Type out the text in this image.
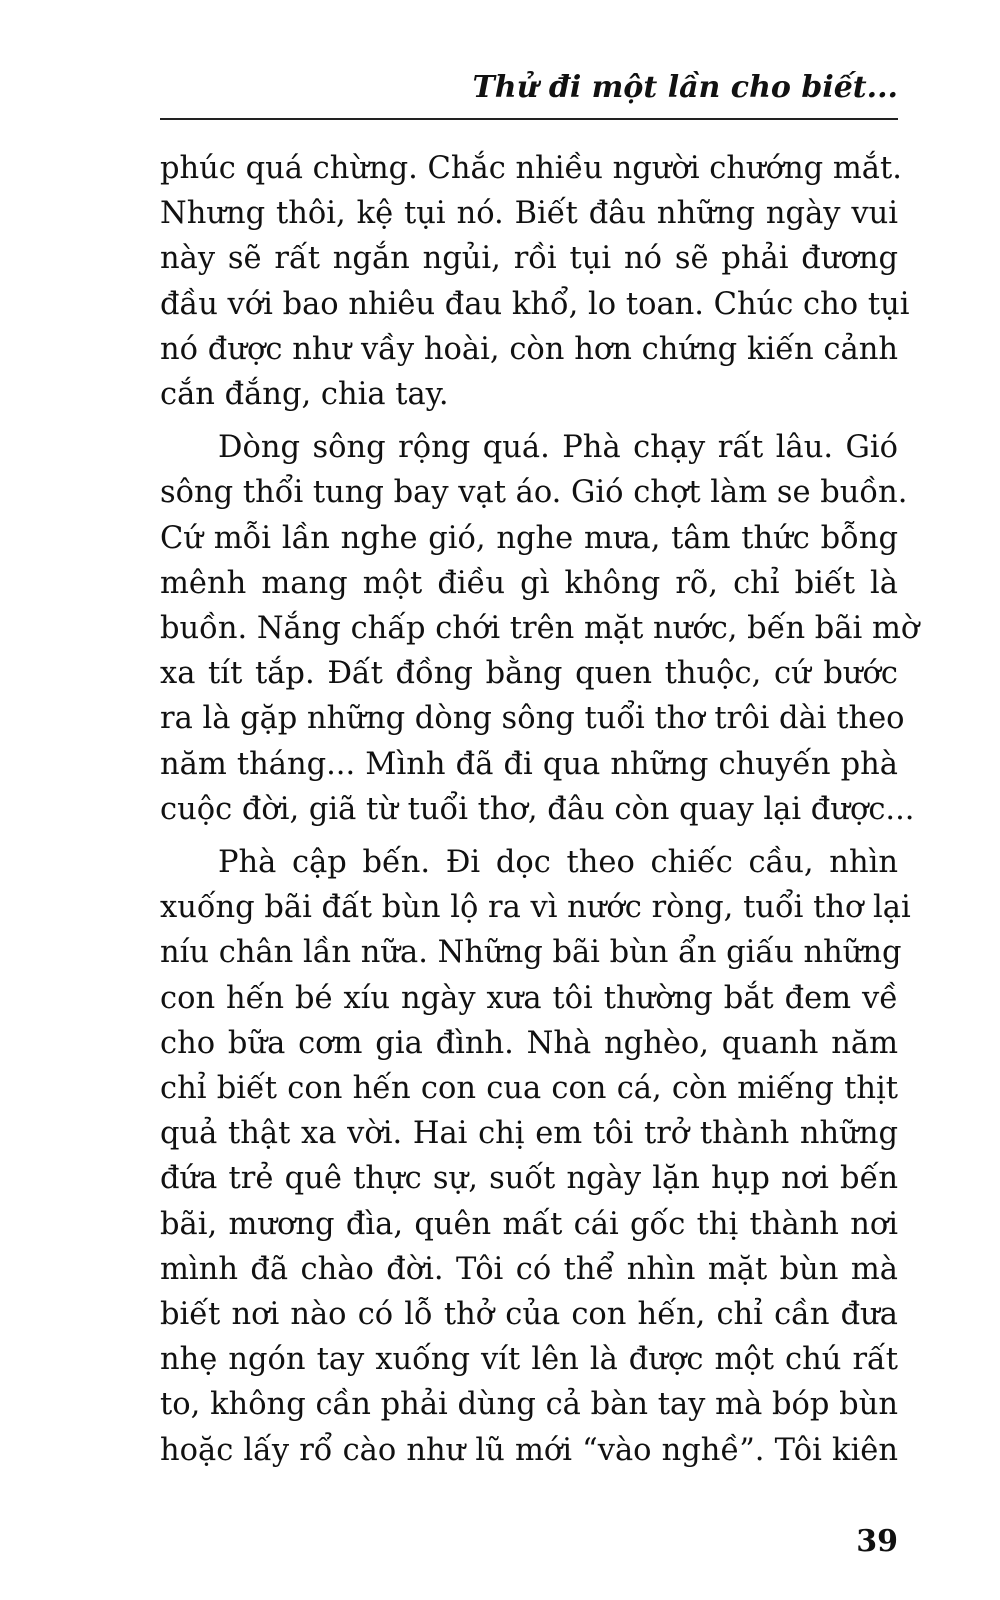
Thử đi một lần cho biết...

phúc quá chừng. Chắc nhiều người chướng mắt.
Nhưng thôi, kệ tụi nó. Biết đâu những ngày vui
này sẽ rất ngắn ngủi, rồi tụi nó sẽ phải đương
đầu với bao nhiêu đau khổ, lo toan. Chúc cho tụi
nó được như vầy hoài, còn hơn chứng kiến cảnh
cắn đắng, chia tay.

Dòng sông rộng quá. Phà chạy rất lâu. Gió
sông thổi tung bay vạt áo. Gió chợt làm se buồn.
Cứ mỗi lần nghe gió, nghe mưa, tâm thức bỗng
mênh mang một điều gì không rõ, chỉ biết là
buồn. Nắng chấp chới trên mặt nước, bến bãi mờ
xa tít tắp. Đất đồng bằng quen thuộc, cứ bước
ra là gặp những dòng sông tuổi thơ trôi dài theo
năm tháng... Mình đã đi qua những chuyến phà
cuộc đời, giã từ tuổi thơ, đâu còn quay lại được...

Phà cập bến. Đi dọc theo chiếc cầu, nhìn
xuống bãi đất bùn lộ ra vì nước ròng, tuổi thơ lại
níu chân lần nữa. Những bãi bùn ẩn giấu những
con hến bé xíu ngày xưa tôi thường bắt đem về
cho bữa cơm gia đình. Nhà nghèo, quanh năm
chỉ biết con hến con cua con cá, còn miếng thịt
quả thật xa vời. Hai chị em tôi trở thành những
đứa trẻ quê thực sự, suốt ngày lặn hụp nơi bến
bãi, mương đìa, quên mất cái gốc thị thành nơi
mình đã chào đời. Tôi có thể nhìn mặt bùn mà
biết nơi nào có lỗ thở của con hến, chỉ cần đưa
nhẹ ngón tay xuống vít lên là được một chú rất
to, không cần phải dùng cả bàn tay mà bóp bùn
hoặc lấy rổ cào như lũ mới “vào nghề”. Tôi kiên

39
